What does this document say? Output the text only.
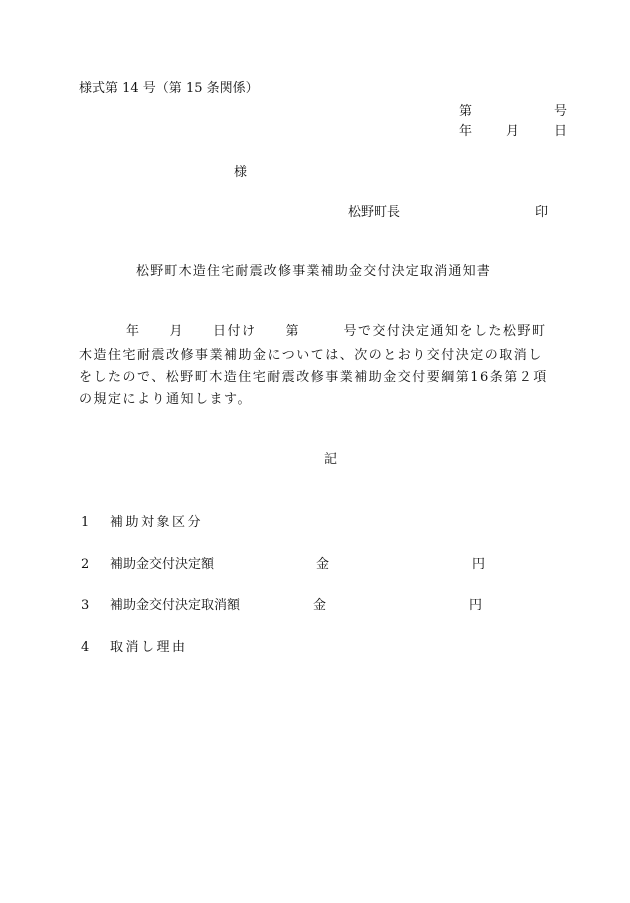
様式第 14 号（第 15 条関係）
第	号
年	月	日
様
松野町長	印
松野町木造住宅耐震改修事業補助金交付決定取消通知書
年　　月　　日付け　　第　　　号で交付決定通知をした松野町
木造住宅耐震改修事業補助金については、次のとおり交付決定の取消し
をしたので、松野町木造住宅耐震改修事業補助金交付要綱第16条第２項
の規定により通知します。
記
1 補助対象区分
2 補助金交付決定額	金	円
3 補助金交付決定取消額	金	円
4 取消し理由
